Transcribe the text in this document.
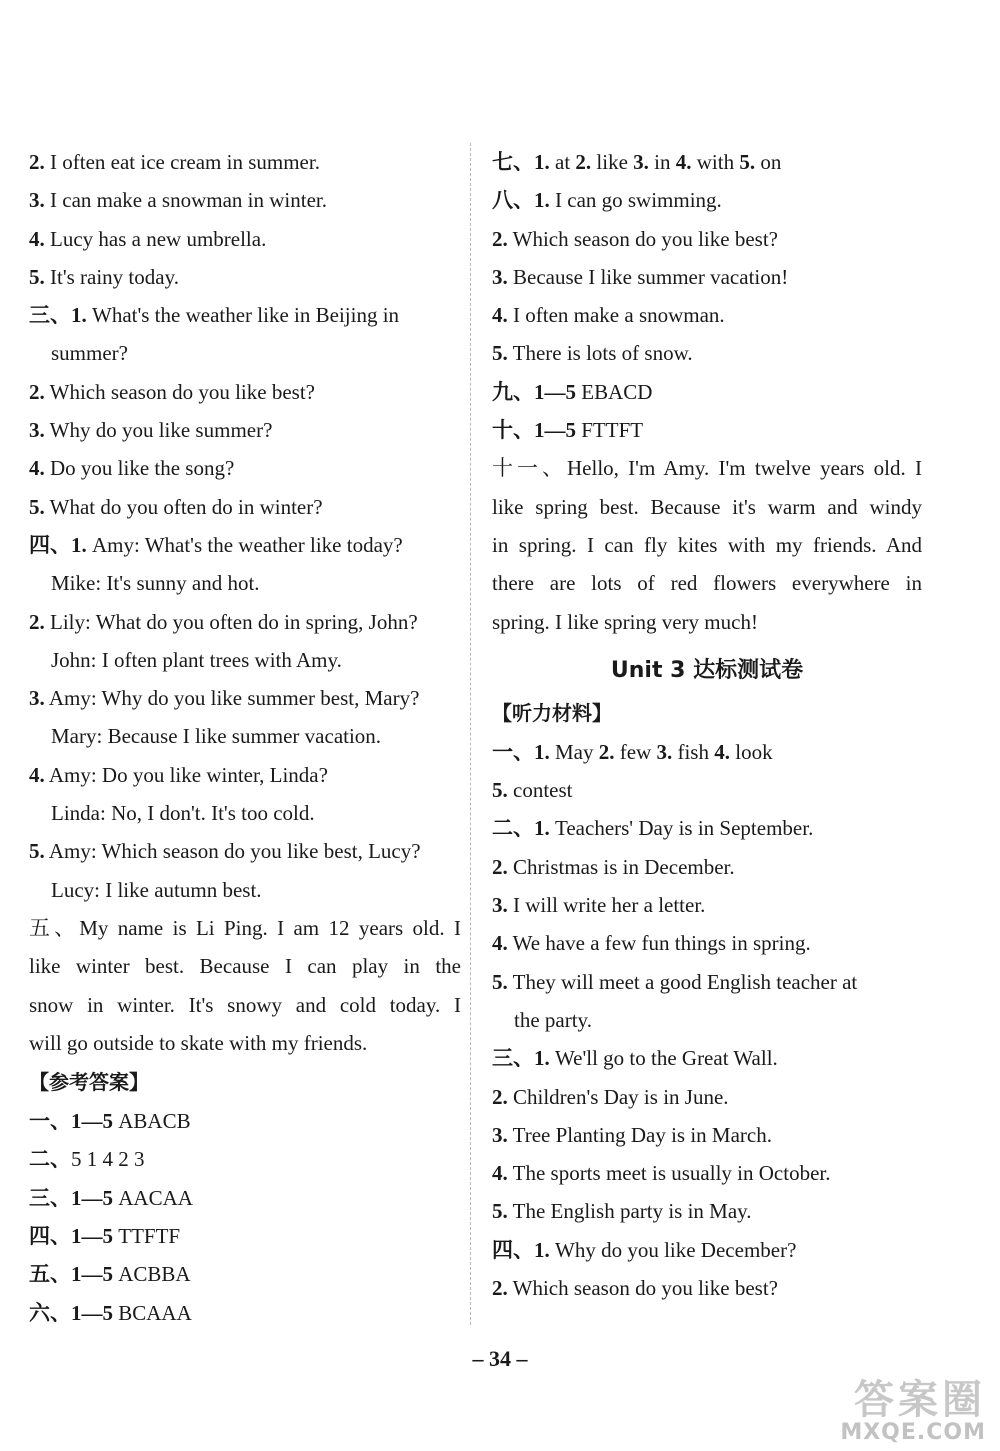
2. I often eat ice cream in summer.
3. I can make a snowman in winter.
4. Lucy has a new umbrella.
5. It's rainy today.
三、1. What's the weather like in Beijing in
summer?
2. Which season do you like best?
3. Why do you like summer?
4. Do you like the song?
5. What do you often do in winter?
四、1. Amy: What's the weather like today?
Mike: It's sunny and hot.
2. Lily: What do you often do in spring, John?
John: I often plant trees with Amy.
3. Amy: Why do you like summer best, Mary?
Mary: Because I like summer vacation.
4. Amy: Do you like winter, Linda?
Linda: No, I don't. It's too cold.
5. Amy: Which season do you like best, Lucy?
Lucy: I like autumn best.
五、My name is Li Ping. I am 12 years old. I
like winter best. Because I can play in the
snow in winter. It's snowy and cold today. I
will go outside to skate with my friends.
【参考答案】
一、1—5 ABACB
二、5 1 4 2 3
三、1—5 AACAA
四、1—5 TTFTF
五、1—5 ACBBA
六、1—5 BCAAA
七、1. at 2. like 3. in 4. with 5. on
八、1. I can go swimming.
2. Which season do you like best?
3. Because I like summer vacation!
4. I often make a snowman.
5. There is lots of snow.
九、1—5 EBACD
十、1—5 FTTFT
十一、Hello, I'm Amy. I'm twelve years old. I
like spring best. Because it's warm and windy
in spring. I can fly kites with my friends. And
there are lots of red flowers everywhere in
spring. I like spring very much!
Unit 3 达标测试卷
【听力材料】
一、1. May 2. few 3. fish 4. look
5. contest
二、1. Teachers' Day is in September.
2. Christmas is in December.
3. I will write her a letter.
4. We have a few fun things in spring.
5. They will meet a good English teacher at
the party.
三、1. We'll go to the Great Wall.
2. Children's Day is in June.
3. Tree Planting Day is in March.
4. The sports meet is usually in October.
5. The English party is in May.
四、1. Why do you like December?
2. Which season do you like best?
– 34 –
答案圈
MXQE.COM
